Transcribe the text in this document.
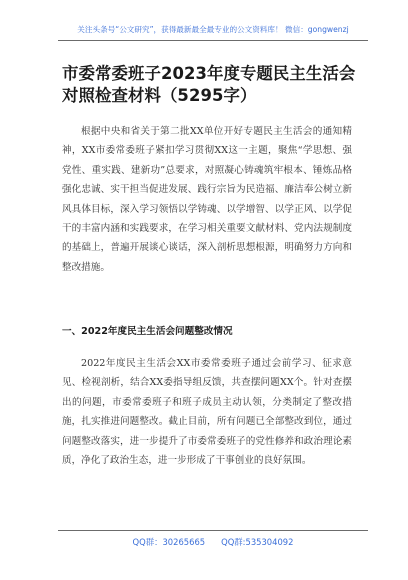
关注头条号“公文研究”，获得最新最全最专业的公文资料库！ 微信：gongwenzj
市委常委班子2023年度专题民主生活会对照检查材料（5295字）

根据中央和省关于第二批XX单位开好专题民主生活会的通知精神，XX市委常委班子紧扣学习贯彻XX这一主题，聚焦“学思想、强党性、重实践、建新功”总要求，对照凝心铸魂筑牢根本、锤炼品格强化忠诚、实干担当促进发展、践行宗旨为民造福、廉洁奉公树立新风具体目标，深入学习领悟以学铸魂、以学增智、以学正风、以学促干的丰富内涵和实践要求，在学习相关重要文献材料、党内法规制度的基础上，普遍开展谈心谈话，深入剖析思想根源，明确努力方向和整改措施。

一、2022年度民主生活会问题整改情况

2022年度民主生活会XX市委常委班子通过会前学习、征求意见、检视剖析，结合XX委指导组反馈，共查摆问题XX个。针对查摆出的问题，市委常委班子和班子成员主动认领，分类制定了整改措施，扎实推进问题整改。截止目前，所有问题已全部整改到位，通过问题整改落实，进一步提升了市委常委班子的党性修养和政治理论素质，净化了政治生态，进一步形成了干事创业的良好氛围。

QQ群：30265665 QQ群:535304092
